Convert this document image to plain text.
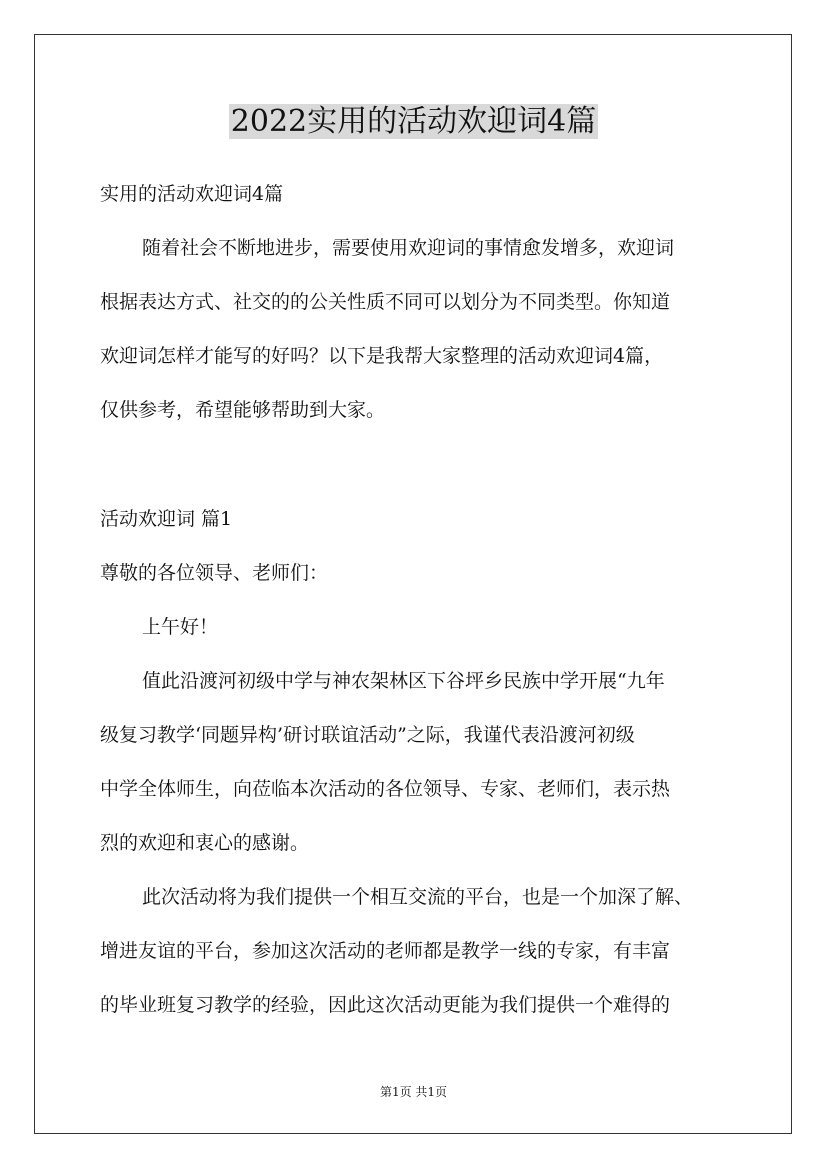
2022实用的活动欢迎词4篇

实用的活动欢迎词4篇

随着社会不断地进步，需要使用欢迎词的事情愈发增多，欢迎词

根据表达方式、社交的的公关性质不同可以划分为不同类型。你知道

欢迎词怎样才能写的好吗？以下是我帮大家整理的活动欢迎词4篇，

仅供参考，希望能够帮助到大家。

活动欢迎词 篇1

尊敬的各位领导、老师们：

上午好！

值此沿渡河初级中学与神农架林区下谷坪乡民族中学开展“九年

级复习教学‘同题异构’研讨联谊活动”之际，我谨代表沿渡河初级

中学全体师生，向莅临本次活动的各位领导、专家、老师们，表示热

烈的欢迎和衷心的感谢。

此次活动将为我们提供一个相互交流的平台，也是一个加深了解、

增进友谊的平台，参加这次活动的老师都是教学一线的专家，有丰富

的毕业班复习教学的经验，因此这次活动更能为我们提供一个难得的

第1页 共1页
